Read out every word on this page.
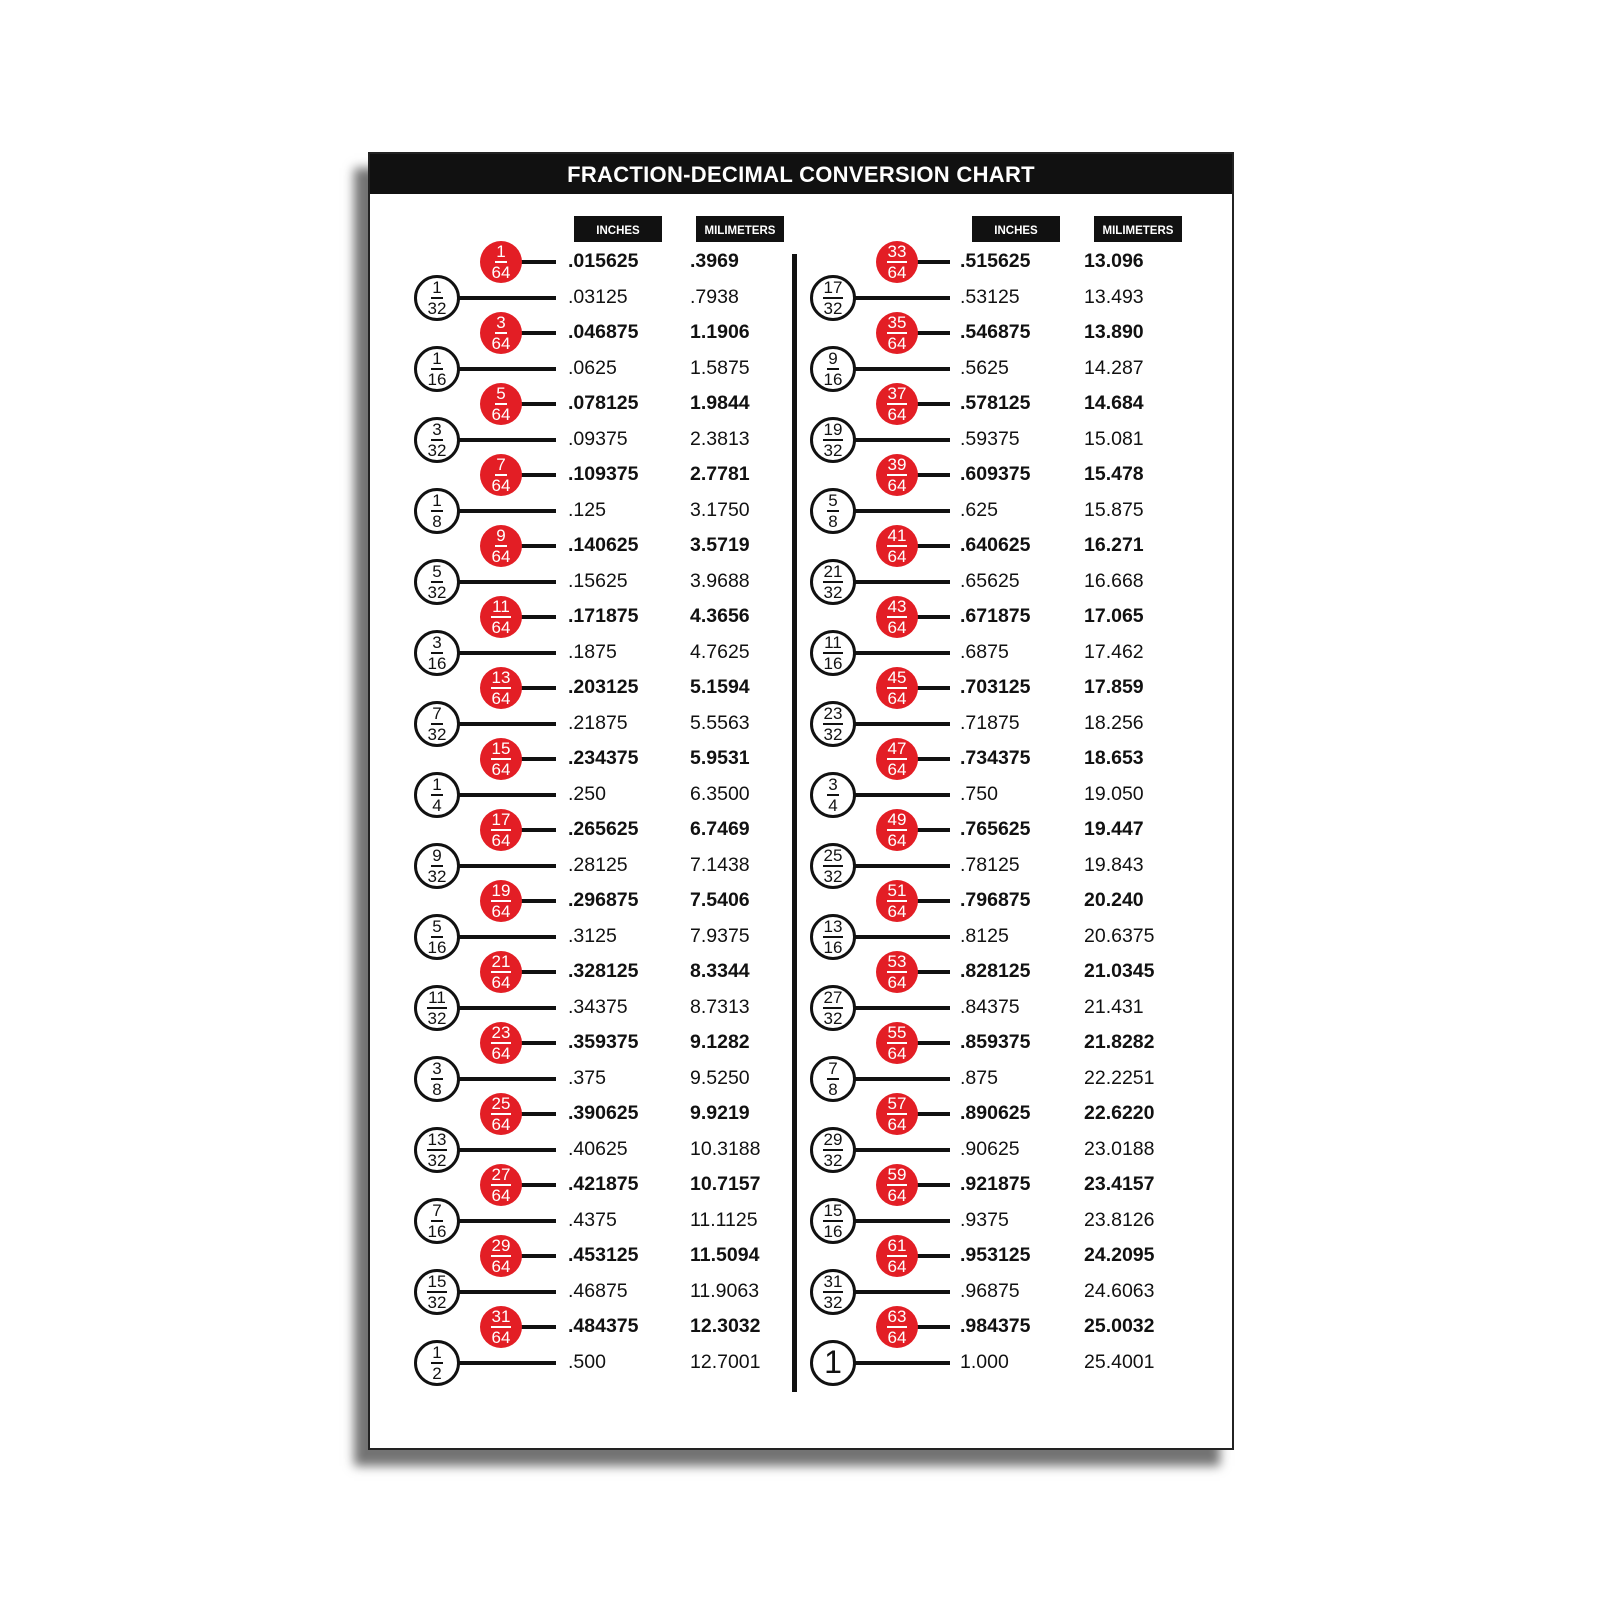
FRACTION-DECIMAL CONVERSION CHART
INCHES	MILIMETERS	INCHES	MILIMETERS
$\frac{1}{64} .015625$	.3969
$\frac{1}{32}$	.03125	.7938
$\frac{3}{64} .046875$	1.1906
$\frac{1}{16}$	.0625	1.5875
$\frac{5}{64} .078125$	1.9844
$\frac{3}{32}$	.09375	2.3813
$\frac{7}{64} .109375$	2.7781
$\frac{1}{8}$	.125	3.1750
$\frac{9}{64} .140625$	3.5719
$\frac{5}{32}$	.15625	3.9688
$\frac{11}{64} .171875$	4.3656
$\frac{3}{16}$	.1875	4.7625
$\frac{13}{64} .203125$	5.1594
$\frac{7}{32}$	.21875	5.5563
$\frac{15}{64} .234375$	5.9531
$\frac{1}{4}$	.250	6.3500
$\frac{17}{64} .265625$	6.7469
$\frac{9}{32}$	.28125	7.1438
$\frac{19}{64} .296875$	7.5406
$\frac{5}{16}$	.3125	7.9375
$\frac{21}{64} .328125$	8.3344
$\frac{11}{32}$	.34375	8.7313
$\frac{23}{64} .359375$	9.1282
$\frac{3}{8}$	.375	9.5250
$\frac{25}{64} .390625$	9.9219
$\frac{13}{32}$	.40625	10.3188
$\frac{27}{64} .421875$	10.7157
$\frac{7}{16}$	.4375	11.1125
$\frac{29}{64} .453125$	11.5094
$\frac{15}{32}$	.46875	11.9063
$\frac{31}{64} .484375$	12.3032
$\frac{1}{2}$	.500	12.7001
$\frac{33}{64} .515625$	13.096
$\frac{17}{32}$	.53125	13.493
$\frac{35}{64} .546875$	13.890
$\frac{9}{16}$	.5625	14.287
$\frac{37}{64} .578125$	14.684
$\frac{19}{32}$	.59375	15.081
$\frac{39}{64} .609375$	15.478
$\frac{5}{8}$	.625	15.875
$\frac{41}{64} .640625$	16.271
$\frac{21}{32}$	.65625	16.668
$\frac{43}{64} .671875$	17.065
$\frac{11}{16}$	.6875	17.462
$\frac{45}{64} .703125$	17.859
$\frac{23}{32}$	.71875	18.256
$\frac{47}{64} .734375$	18.653
$\frac{3}{4}$	.750	19.050
$\frac{49}{64} .765625$	19.447
$\frac{25}{32}$	.78125	19.843
$\frac{51}{64} .796875$	20.240
$\frac{13}{16}$	.8125	20.6375
$\frac{53}{64} .828125$	21.0345
$\frac{27}{32}$	.84375	21.431
$\frac{55}{64} .859375$	21.8282
$\frac{7}{8}$	.875	22.2251
$\frac{57}{64} .890625$	22.6220
$\frac{29}{32}$	.90625	23.0188
$\frac{59}{64} .921875$	23.4157
$\frac{15}{16}$	.9375	23.8126
$\frac{61}{64} .953125$	24.2095
$\frac{31}{32}$	.96875	24.6063
$\frac{63}{64} .984375$	25.0032
1	1.000	25.4001
